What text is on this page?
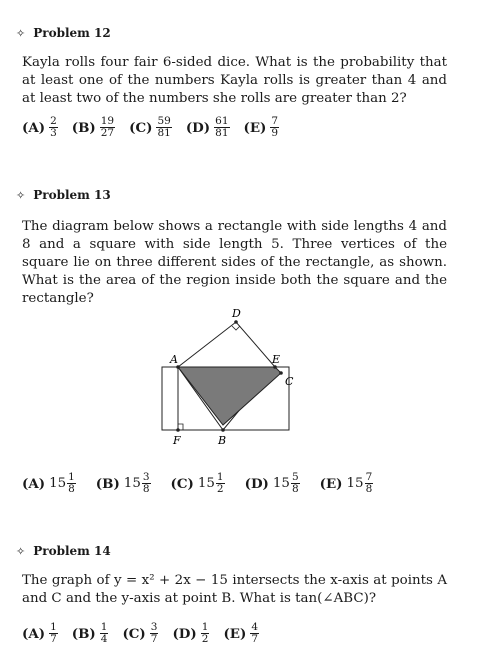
✧ Problem 12
Kayla rolls four fair 6-sided dice. What is the probability that at least one of the numbers Kayla rolls is greater than 4 and at least two of the numbers she rolls are greater than 2?
$(A) \frac{2}{3} (B) \frac{19}{27} (C) \frac{59}{81} (D) \frac{61}{81} (E) \frac{7}{9}$
✧ Problem 13
The diagram below shows a rectangle with side lengths 4 and 8 and a square with side length 5. Three vertices of the square lie on three different sides of the rectangle, as shown. What is the area of the region inside both the square and the rectangle?
A
D
E
C
B
F
(A) $15 \frac{1}{8} (B)$ $15 \frac{3}{8} (C)$ $15 \frac{1}{2} (D)$ $15 \frac{5}{8} (E)$ $15 \frac{7}{8}$
✧ Problem 14
The graph of y = x² + 2x − 15 intersects the x-axis at points A and C and the y-axis at point B. What is tan(∠ABC)?
$(A) \frac{1}{7} (B) \frac{1}{4} (C) \frac{3}{7} (D) \frac{1}{2} (E) \frac{4}{7}$
